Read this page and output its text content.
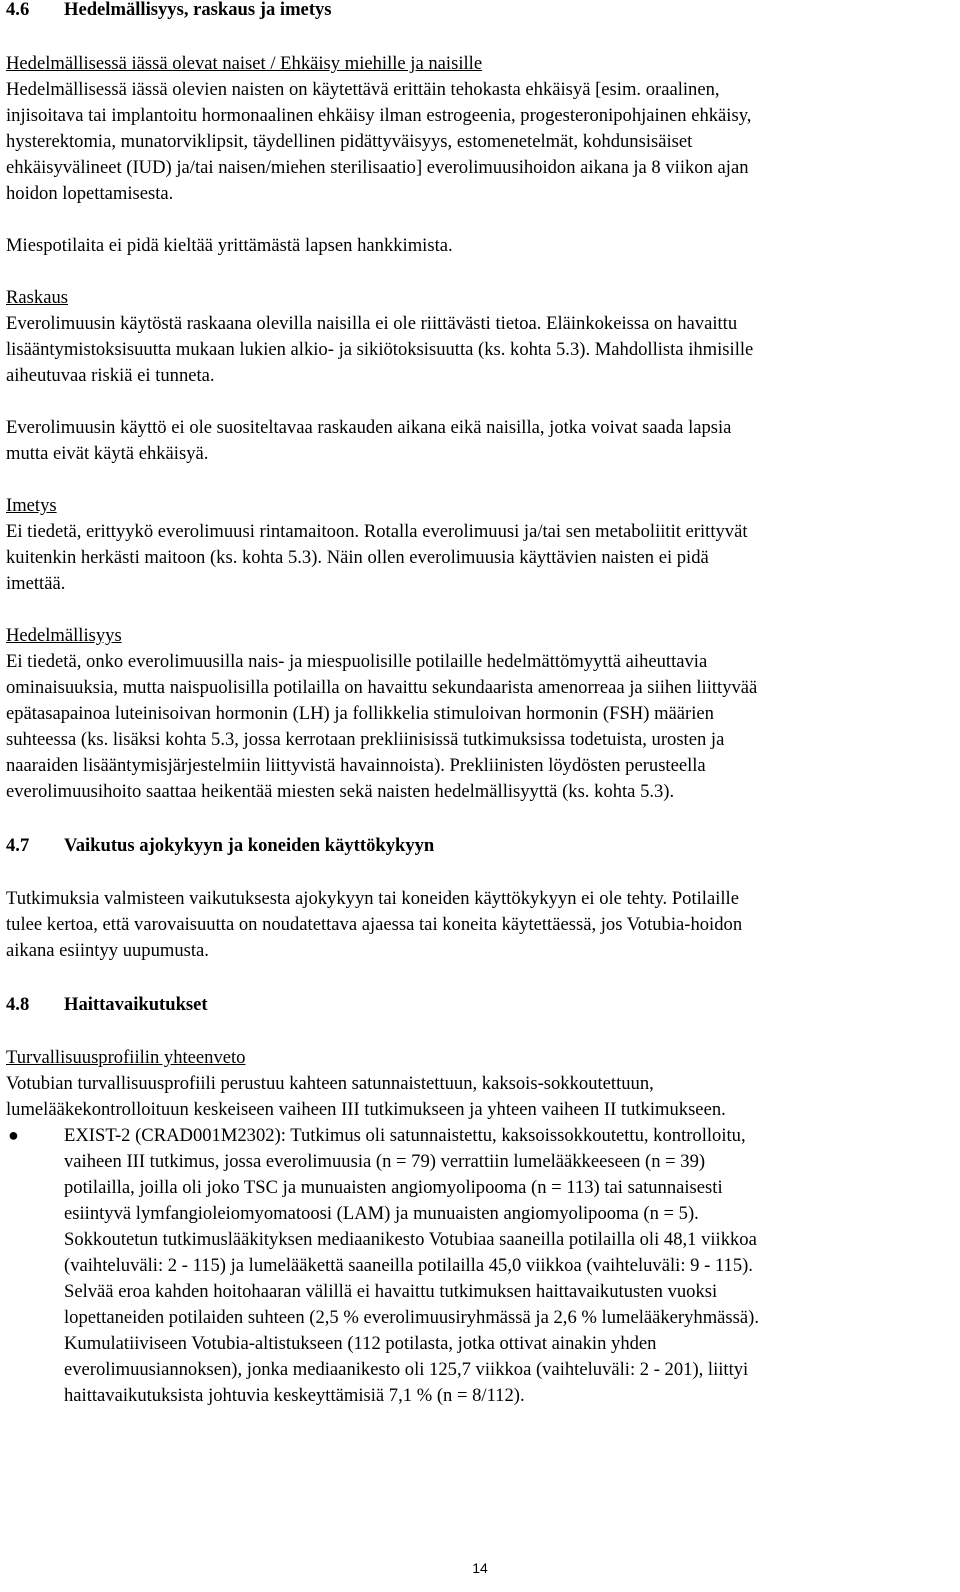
4.6 Hedelmällisyys, raskaus ja imetys

Hedelmällisessä iässä olevat naiset / Ehkäisy miehille ja naisille

Hedelmällisessä iässä olevien naisten on käytettävä erittäin tehokasta ehkäisyä [esim. oraalinen,

injisoitava tai implantoitu hormonaalinen ehkäisy ilman estrogeenia, progesteronipohjainen ehkäisy,

hysterektomia, munatorviklipsit, täydellinen pidättyväisyys, estomenetelmät, kohdunsisäiset

ehkäisyvälineet (IUD) ja/tai naisen/miehen sterilisaatio] everolimuusihoidon aikana ja 8 viikon ajan

hoidon lopettamisesta.

Miespotilaita ei pidä kieltää yrittämästä lapsen hankkimista.

Raskaus

Everolimuusin käytöstä raskaana olevilla naisilla ei ole riittävästi tietoa. Eläinkokeissa on havaittu

lisääntymistoksisuutta mukaan lukien alkio- ja sikiötoksisuutta (ks. kohta 5.3). Mahdollista ihmisille

aiheutuvaa riskiä ei tunneta.

Everolimuusin käyttö ei ole suositeltavaa raskauden aikana eikä naisilla, jotka voivat saada lapsia

mutta eivät käytä ehkäisyä.

Imetys

Ei tiedetä, erittyykö everolimuusi rintamaitoon. Rotalla everolimuusi ja/tai sen metaboliitit erittyvät

kuitenkin herkästi maitoon (ks. kohta 5.3). Näin ollen everolimuusia käyttävien naisten ei pidä

imettää.

Hedelmällisyys

Ei tiedetä, onko everolimuusilla nais- ja miespuolisille potilaille hedelmättömyyttä aiheuttavia

ominaisuuksia, mutta naispuolisilla potilailla on havaittu sekundaarista amenorreaa ja siihen liittyvää

epätasapainoa luteinisoivan hormonin (LH) ja follikkelia stimuloivan hormonin (FSH) määrien

suhteessa (ks. lisäksi kohta 5.3, jossa kerrotaan prekliinisissä tutkimuksissa todetuista, urosten ja

naaraiden lisääntymisjärjestelmiin liittyvistä havainnoista). Prekliinisten löydösten perusteella

everolimuusihoito saattaa heikentää miesten sekä naisten hedelmällisyyttä (ks. kohta 5.3).

4.7 Vaikutus ajokykyyn ja koneiden käyttökykyyn

Tutkimuksia valmisteen vaikutuksesta ajokykyyn tai koneiden käyttökykyyn ei ole tehty. Potilaille

tulee kertoa, että varovaisuutta on noudatettava ajaessa tai koneita käytettäessä, jos Votubia-hoidon

aikana esiintyy uupumusta.

4.8 Haittavaikutukset

Turvallisuusprofiilin yhteenveto

Votubian turvallisuusprofiili perustuu kahteen satunnaistettuun, kaksois-sokkoutettuun,

lumelääkekontrolloituun keskeiseen vaiheen III tutkimukseen ja yhteen vaiheen II tutkimukseen.

● EXIST-2 (CRAD001M2302): Tutkimus oli satunnaistettu, kaksoissokkoutettu, kontrolloitu,

vaiheen III tutkimus, jossa everolimuusia (n = 79) verrattiin lumelääkkeeseen (n = 39)

potilailla, joilla oli joko TSC ja munuaisten angiomyolipooma (n = 113) tai satunnaisesti

esiintyvä lymfangioleiomyomatoosi (LAM) ja munuaisten angiomyolipooma (n = 5).

Sokkoutetun tutkimuslääkityksen mediaanikesto Votubiaa saaneilla potilailla oli 48,1 viikkoa

(vaihteluväli: 2 - 115) ja lumelääkettä saaneilla potilailla 45,0 viikkoa (vaihteluväli: 9 - 115).

Selvää eroa kahden hoitohaaran välillä ei havaittu tutkimuksen haittavaikutusten vuoksi

lopettaneiden potilaiden suhteen (2,5 % everolimuusiryhmässä ja 2,6 % lumelääkeryhmässä).

Kumulatiiviseen Votubia-altistukseen (112 potilasta, jotka ottivat ainakin yhden

everolimuusiannoksen), jonka mediaanikesto oli 125,7 viikkoa (vaihteluväli: 2 - 201), liittyi

haittavaikutuksista johtuvia keskeyttämisiä 7,1 % (n = 8/112).

14
